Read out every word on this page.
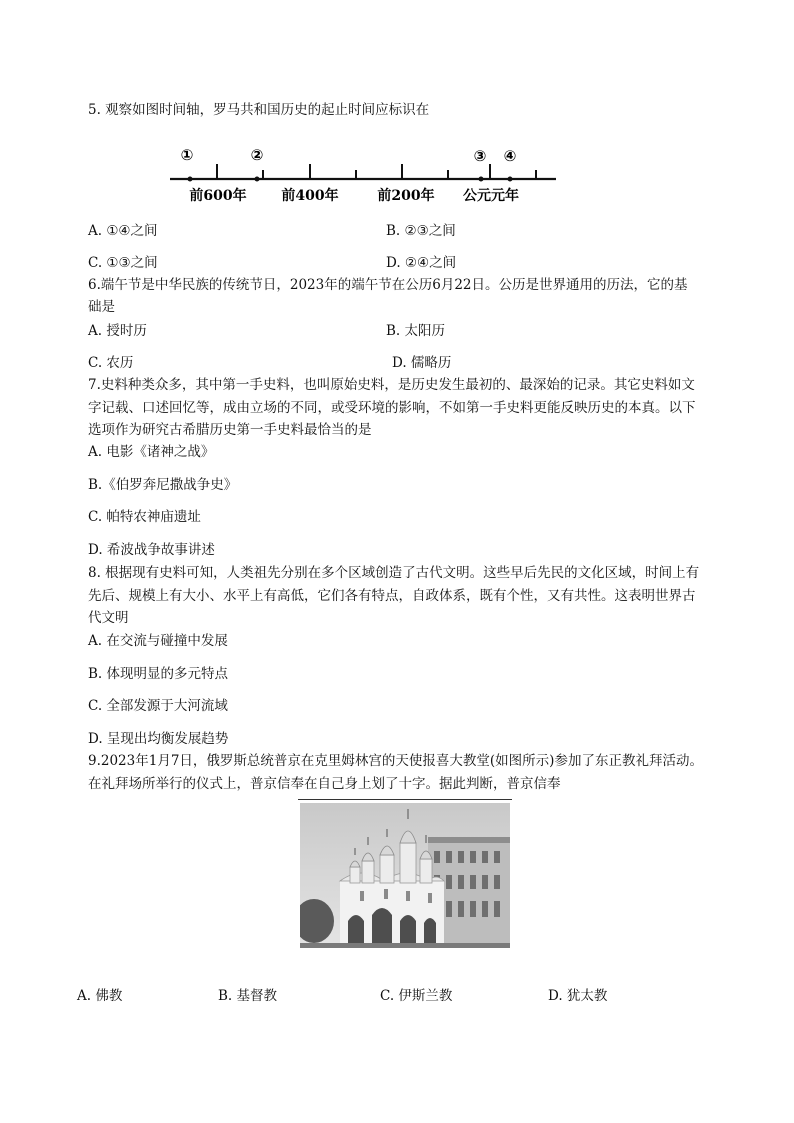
5. 观察如图时间轴，罗马共和国历史的起止时间应标识在
①	②	③ ④
前600年 前400年	前200年 公元元年
A. ①④之间	B. ②③之间
C. ①③之间	D. ②④之间
6.端午节是中华民族的传统节日，2023年的端午节在公历6月22日。公历是世界通用的历法，它的基
础是
A. 授时历	B. 太阳历
C. 农历	D. 儒略历
7.史料种类众多，其中第一手史料，也叫原始史料，是历史发生最初的、最深始的记录。其它史料如文
字记载、口述回忆等，成由立场的不同，或受环境的影响，不如第一手史料更能反映历史的本真。以下
选项作为研究古希腊历史第一手史料最恰当的是
A. 电影《诸神之战》
B.《伯罗奔尼撒战争史》
C. 帕特农神庙遗址
D. 希波战争故事讲述
8. 根据现有史料可知，人类祖先分别在多个区域创造了古代文明。这些早后先民的文化区域，时间上有
先后、规模上有大小、水平上有高低，它们各有特点，自政体系，既有个性，又有共性。这表明世界古
代文明
A. 在交流与碰撞中发展
B. 体现明显的多元特点
C. 全部发源于大河流域
D. 呈现出均衡发展趋势
9.2023年1月7日，俄罗斯总统普京在克里姆林宫的天使报喜大教堂(如图所示)参加了东正教礼拜活动。
在礼拜场所举行的仪式上，普京信奉在自己身上划了十字。据此判断，普京信奉
A. 佛教	B. 基督教	C. 伊斯兰教	D. 犹太教
